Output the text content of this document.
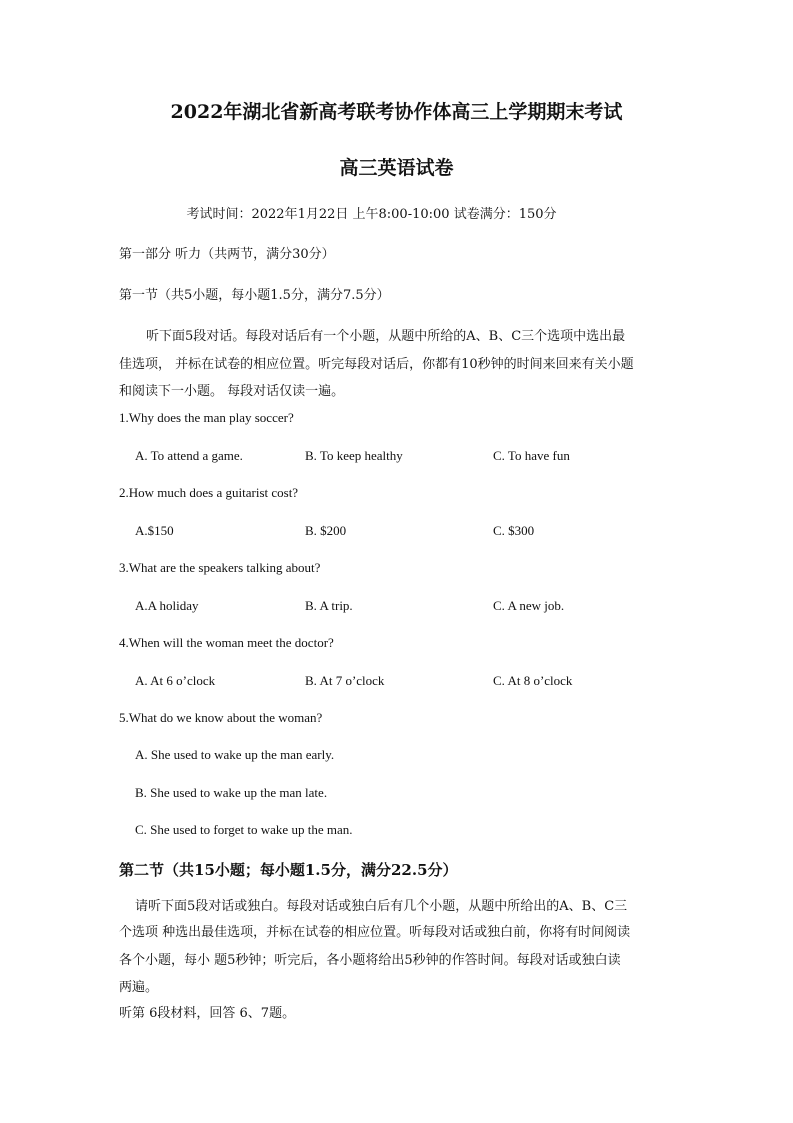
2022年湖北省新高考联考协作体高三上学期期末考试
高三英语试卷
考试时间：2022年1月22日 上午8:00-10:00 试卷满分：150分
第一部分 听力（共两节，满分30分）
第一节（共5小题，每小题1.5分，满分7.5分）
听下面5段对话。每段对话后有一个小题，从题中所给的A、B、C三个选项中选出最
佳选项， 并标在试卷的相应位置。听完每段对话后，你都有10秒钟的时间来回来有关小题
和阅读下一小题。 每段对话仅读一遍。
1.Why does the man play soccer?
A. To attend a game.	B. To keep healthy	C. To have fun
2.How much does a guitarist cost?
A.$150	B. $200	C. $300
3.What are the speakers talking about?
A.A holiday	B. A trip.	C. A new job.
4.When will the woman meet the doctor?
A. At 6 o’clock	B. At 7 o’clock	C. At 8 o’clock
5.What do we know about the woman?
A. She used to wake up the man early.
B. She used to wake up the man late.
C. She used to forget to wake up the man.
第二节（共15小题；每小题1.5分，满分22.5分）
请听下面5段对话或独白。每段对话或独白后有几个小题，从题中所给出的A、B、C三
个选项 种选出最佳选项，并标在试卷的相应位置。听每段对话或独白前，你将有时间阅读
各个小题，每小 题5秒钟；听完后，各小题将给出5秒钟的作答时间。每段对话或独白读
两遍。
听第 6段材料，回答 6、7题。
